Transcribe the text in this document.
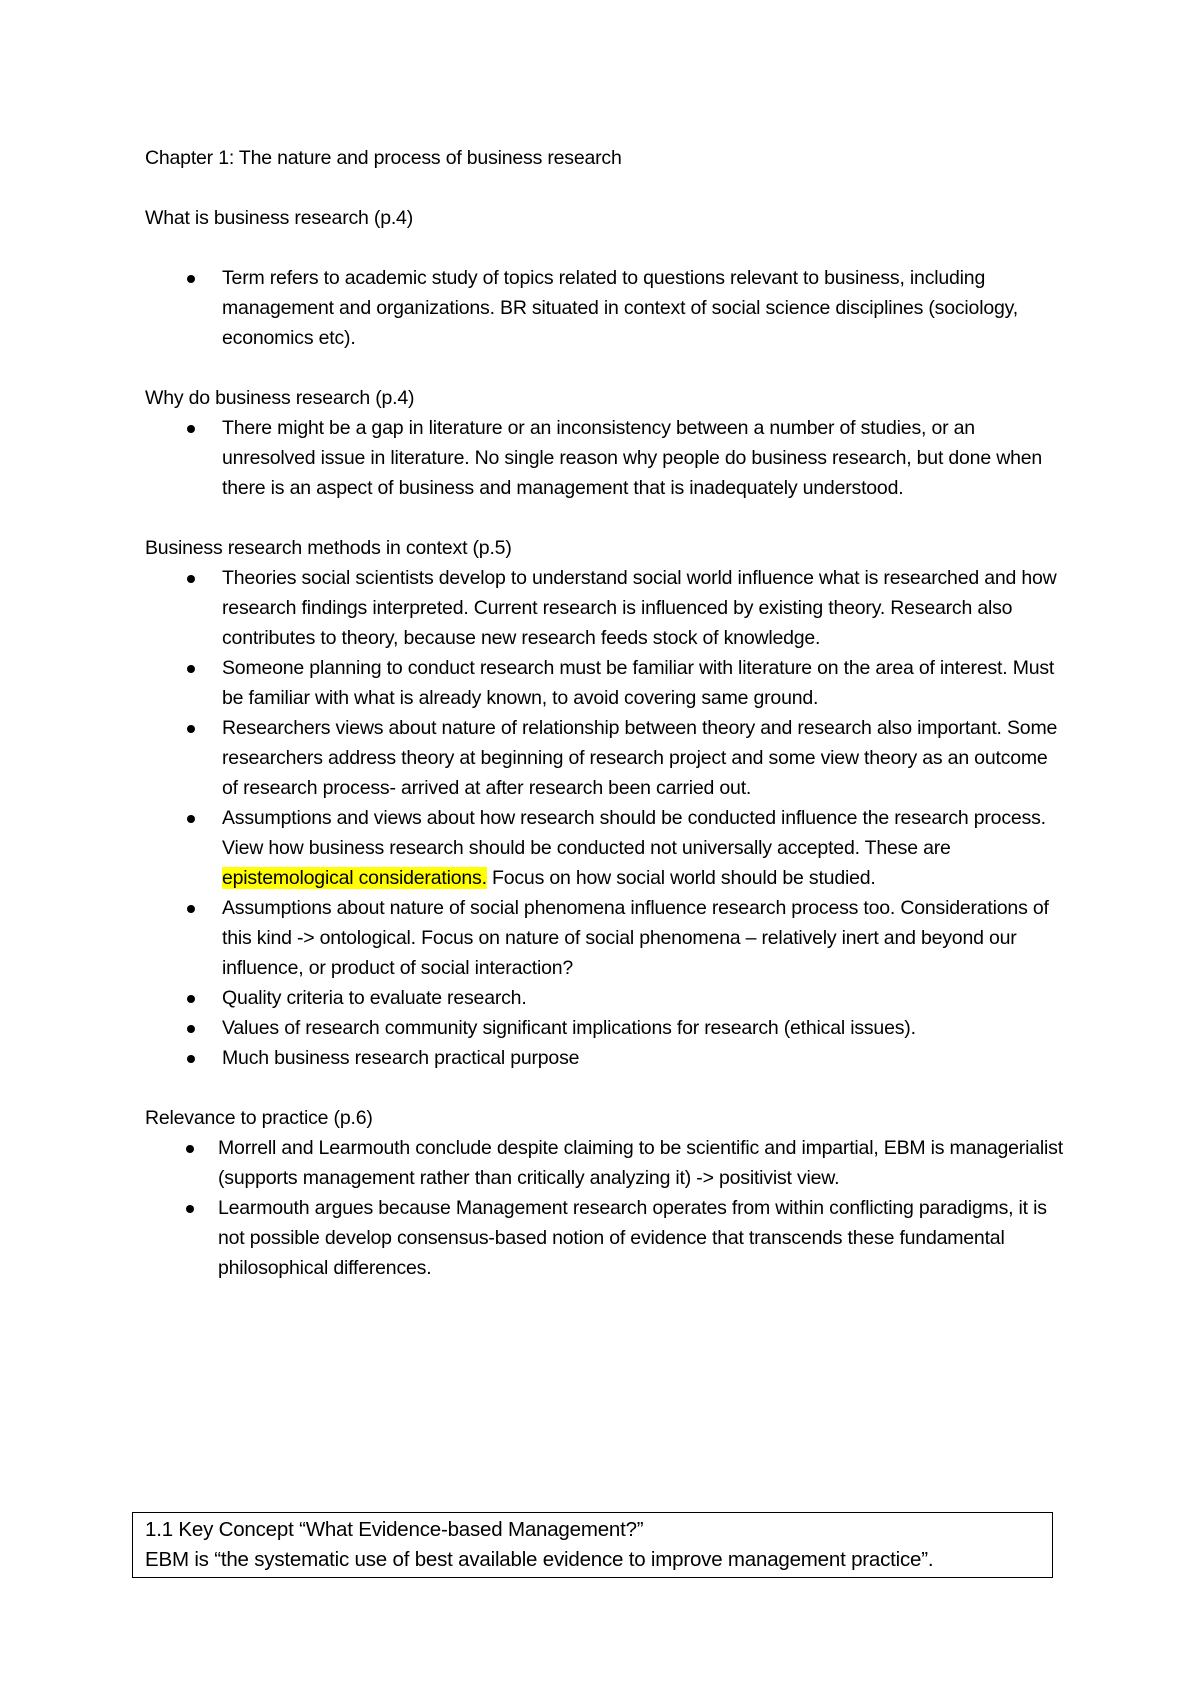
Chapter 1: The nature and process of business research

What is business research (p.4)

Term refers to academic study of topics related to questions relevant to business, including management and organizations. BR situated in context of social science disciplines (sociology, economics etc).

Why do business research (p.4)

There might be a gap in literature or an inconsistency between a number of studies, or an unresolved issue in literature. No single reason why people do business research, but done when there is an aspect of business and management that is inadequately understood.

Business research methods in context (p.5)

Theories social scientists develop to understand social world influence what is researched and how research findings interpreted. Current research is influenced by existing theory. Research also contributes to theory, because new research feeds stock of knowledge.
Someone planning to conduct research must be familiar with literature on the area of interest. Must be familiar with what is already known, to avoid covering same ground.
Researchers views about nature of relationship between theory and research also important. Some researchers address theory at beginning of research project and some view theory as an outcome of research process- arrived at after research been carried out.
Assumptions and views about how research should be conducted influence the research process. View how business research should be conducted not universally accepted. These are epistemological considerations. Focus on how social world should be studied.
Assumptions about nature of social phenomena influence research process too. Considerations of this kind -> ontological. Focus on nature of social phenomena – relatively inert and beyond our influence, or product of social interaction?
Quality criteria to evaluate research.
Values of research community significant implications for research (ethical issues).
Much business research practical purpose

Relevance to practice (p.6)

Morrell and Learmouth conclude despite claiming to be scientific and impartial, EBM is managerialist (supports management rather than critically analyzing it) -> positivist view.
Learmouth argues because Management research operates from within conflicting paradigms, it is not possible develop consensus-based notion of evidence that transcends these fundamental philosophical differences.
1.1 Key Concept “What Evidence-based Management?”
EBM is “the systematic use of best available evidence to improve management practice”.
